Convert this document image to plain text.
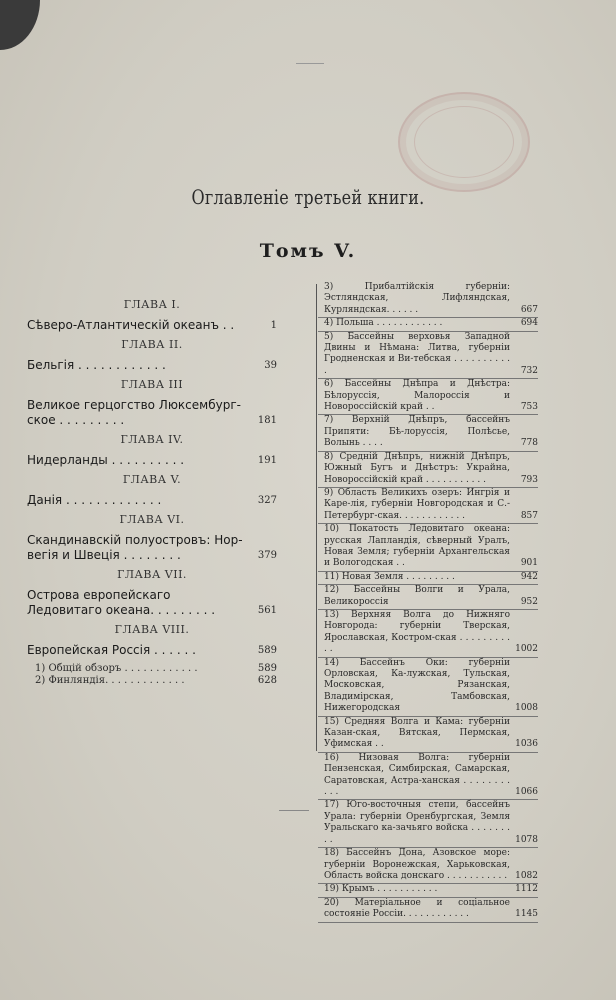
Оглавленіе третьей книги.
Томъ V.
ГЛАВА I.
Сѣверо-Атлантическій океанъ . .	1
ГЛАВА II.
Бельгія . . . . . . . . . . . .	39
ГЛАВА III
Великое герцогство Люксембург-ское . . . . . . . . .	181
ГЛАВА IV.
Нидерланды . . . . . . . . . .	191
ГЛАВА V.
Данія . . . . . . . . . . . . .	327
ГЛАВА VI.
Скандинавскій полуостровъ: Нор-вегія и Швеція . . . . . . . .	379
ГЛАВА VII.
Острова европейскаго Ледовитаго океана. . . . . . . . .	561
ГЛАВА VIII.
Европейская Россія . . . . . .	589
1) Общій обзоръ . . . . . . . . . . . .	589
2) Финляндія. . . . . . . . . . . . .	628
3) Прибалтійскія губерніи: Эстляндская, Лифляндская, Курляндская. . . . . .	667
4) Польша . . . . . . . . . . . .	694
5) Бассейны верховья Западной Двины и Нѣмана: Литва, губерніи Гродненская и Ви-тебская . . . . . . . . . . .	732
6) Бассейны Днѣпра и Днѣстра: Бѣлоруссія, Малороссія и Новороссійскій край . .	753
7) Верхній Днѣпръ, бассейнъ Припяти: Бѣ-лоруссія, Полѣсье, Волынь . . . .	778
8) Средній Днѣпръ, нижній Днѣпръ, Южный Бугъ и Днѣстръ: Украйна, Новороссійскій край . . . . . . . . . . .	793
9) Область Великихъ озеръ: Ингрія и Каре-лія, губерніи Новгородская и С.-Петербург-ская. . . . . . . . . . . .	857
10) Покатость Ледовитаго океана: русская Лапландія, сѣверный Уралъ, Новая Земля; губерніи Архангельская и Вологодская . .	901
11) Новая Земля . . . . . . . . .	942
12) Бассейны Волги и Урала, Великороссія	952
13) Верхняя Волга до Нижняго Новгорода: губерніи Тверская, Ярославская, Костром-ская . . . . . . . . . . .	1002
14) Бассейнъ Оки: губерніи Орловская, Ка-лужская, Тульская, Московская, Рязанская, Владимірская, Тамбовская, Нижегородская	1008
15) Средняя Волга и Кама: губерніи Казан-ская, Вятская, Пермская, Уфимская . .	1036
16) Низовая Волга: губерніи Пензенская, Симбирская, Самарская, Саратовская, Астра-ханская . . . . . . . . . . .	1066
17) Юго-восточныя степи, бассейнъ Урала: губерніи Оренбургская, Земля Уральскаго ка-зачьяго войска . . . . . . . . .	1078
18) Бассейнъ Дона, Азовское море: губерніи Воронежская, Харьковская, Область войска донскаго . . . . . . . . . . . 1082
19) Крымъ . . . . . . . . . . .	1112
20) Матеріальное и соціальное состояніе Россіи. . . . . . . . . . . .	1145
